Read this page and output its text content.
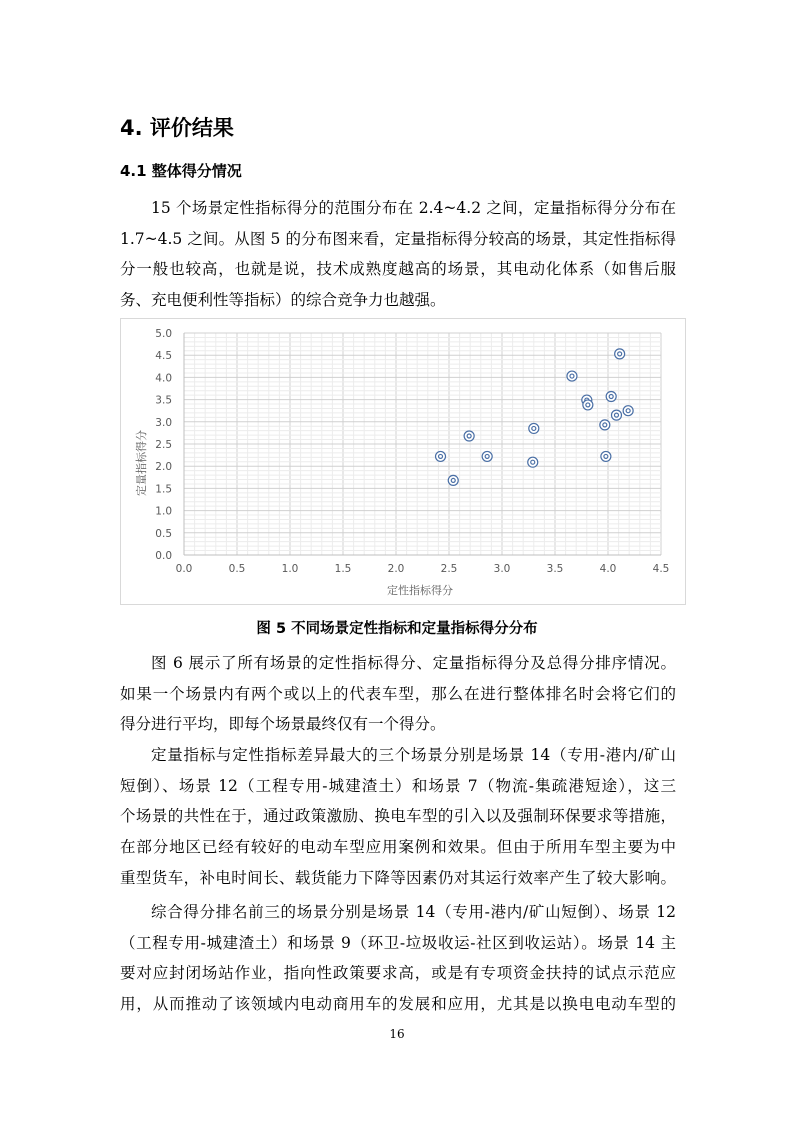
4. 评价结果
4.1 整体得分情况
15 个场景定性指标得分的范围分布在 2.4~4.2 之间，定量指标得分分布在
1.7~4.5 之间。从图 5 的分布图来看，定量指标得分较高的场景，其定性指标得
分一般也较高，也就是说，技术成熟度越高的场景，其电动化体系（如售后服
务、充电便利性等指标）的综合竞争力也越强。
0.0	0.5	1.0	1.5	2.0	2.5	3.0	3.5	4.0	4.5
0.0
0.5
1.0
1.5
2.0
2.5
3.0
3.5
4.0
4.5
5.0
定性指标得分
定量指标得分
图 5 不同场景定性指标和定量指标得分分布
图 6 展示了所有场景的定性指标得分、定量指标得分及总得分排序情况。
如果一个场景内有两个或以上的代表车型，那么在进行整体排名时会将它们的
得分进行平均，即每个场景最终仅有一个得分。
定量指标与定性指标差异最大的三个场景分别是场景 14（专用-港内/矿山
短倒）、场景 12（工程专用-城建渣土）和场景 7（物流-集疏港短途），这三
个场景的共性在于，通过政策激励、换电车型的引入以及强制环保要求等措施，
在部分地区已经有较好的电动车型应用案例和效果。但由于所用车型主要为中
重型货车，补电时间长、载货能力下降等因素仍对其运行效率产生了较大影响。
综合得分排名前三的场景分别是场景 14（专用-港内/矿山短倒）、场景 12
（工程专用-城建渣土）和场景 9（环卫-垃圾收运-社区到收运站）。场景 14 主
要对应封闭场站作业，指向性政策要求高，或是有专项资金扶持的试点示范应
用，从而推动了该领域内电动商用车的发展和应用，尤其是以换电电动车型的
16
